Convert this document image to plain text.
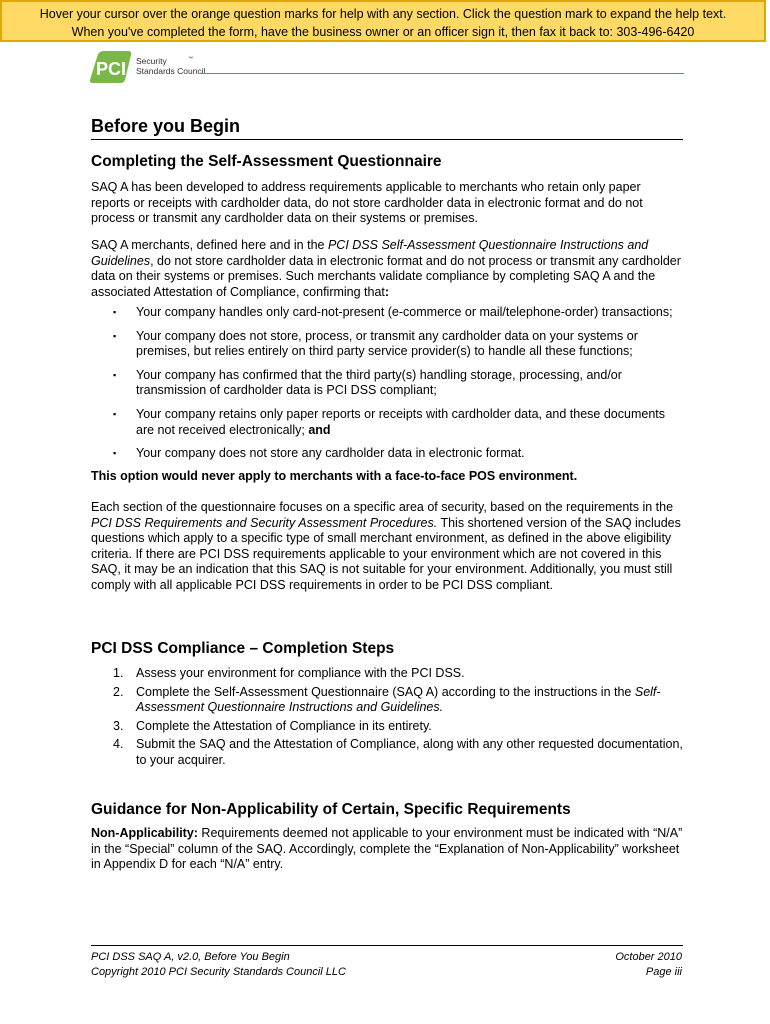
Hover your cursor over the orange question marks for help with any section. Click the question mark to expand the help text.
When you've completed the form, have the business owner or an officer sign it, then fax it back to: 303-496-6420
PCI Security
Standards Council
™
Before you Begin
Completing the Self-Assessment Questionnaire

SAQ A has been developed to address requirements applicable to merchants who retain only paper reports or receipts with cardholder data, do not store cardholder data in electronic format and do not process or transmit any cardholder data on their systems or premises.

SAQ A merchants, defined here and in the PCI DSS Self-Assessment Questionnaire Instructions and Guidelines, do not store cardholder data in electronic format and do not process or transmit any cardholder data on their systems or premises. Such merchants validate compliance by completing SAQ A and the associated Attestation of Compliance, confirming that:

▪ Your company handles only card-not-present (e-commerce or mail/telephone-order) transactions;
▪ Your company does not store, process, or transmit any cardholder data on your systems or premises, but relies entirely on third party service provider(s) to handle all these functions;
▪ Your company has confirmed that the third party(s) handling storage, processing, and/or transmission of cardholder data is PCI DSS compliant;
▪ Your company retains only paper reports or receipts with cardholder data, and these documents are not received electronically; and
▪ Your company does not store any cardholder data in electronic format.

This option would never apply to merchants with a face-to-face POS environment.

Each section of the questionnaire focuses on a specific area of security, based on the requirements in the PCI DSS Requirements and Security Assessment Procedures. This shortened version of the SAQ includes questions which apply to a specific type of small merchant environment, as defined in the above eligibility criteria. If there are PCI DSS requirements applicable to your environment which are not covered in this SAQ, it may be an indication that this SAQ is not suitable for your environment. Additionally, you must still comply with all applicable PCI DSS requirements in order to be PCI DSS compliant.

PCI DSS Compliance – Completion Steps
1. Assess your environment for compliance with the PCI DSS.
2. Complete the Self-Assessment Questionnaire (SAQ A) according to the instructions in the Self-Assessment Questionnaire Instructions and Guidelines.
3. Complete the Attestation of Compliance in its entirety.
4. Submit the SAQ and the Attestation of Compliance, along with any other requested documentation, to your acquirer.
Guidance for Non-Applicability of Certain, Specific Requirements

Non-Applicability: Requirements deemed not applicable to your environment must be indicated with “N/A” in the “Special” column of the SAQ. Accordingly, complete the “Explanation of Non-Applicability” worksheet in Appendix D for each “N/A” entry.

PCI DSS SAQ A, v2.0, Before You Begin
Copyright 2010 PCI Security Standards Council LLC
October 2010
Page iii
